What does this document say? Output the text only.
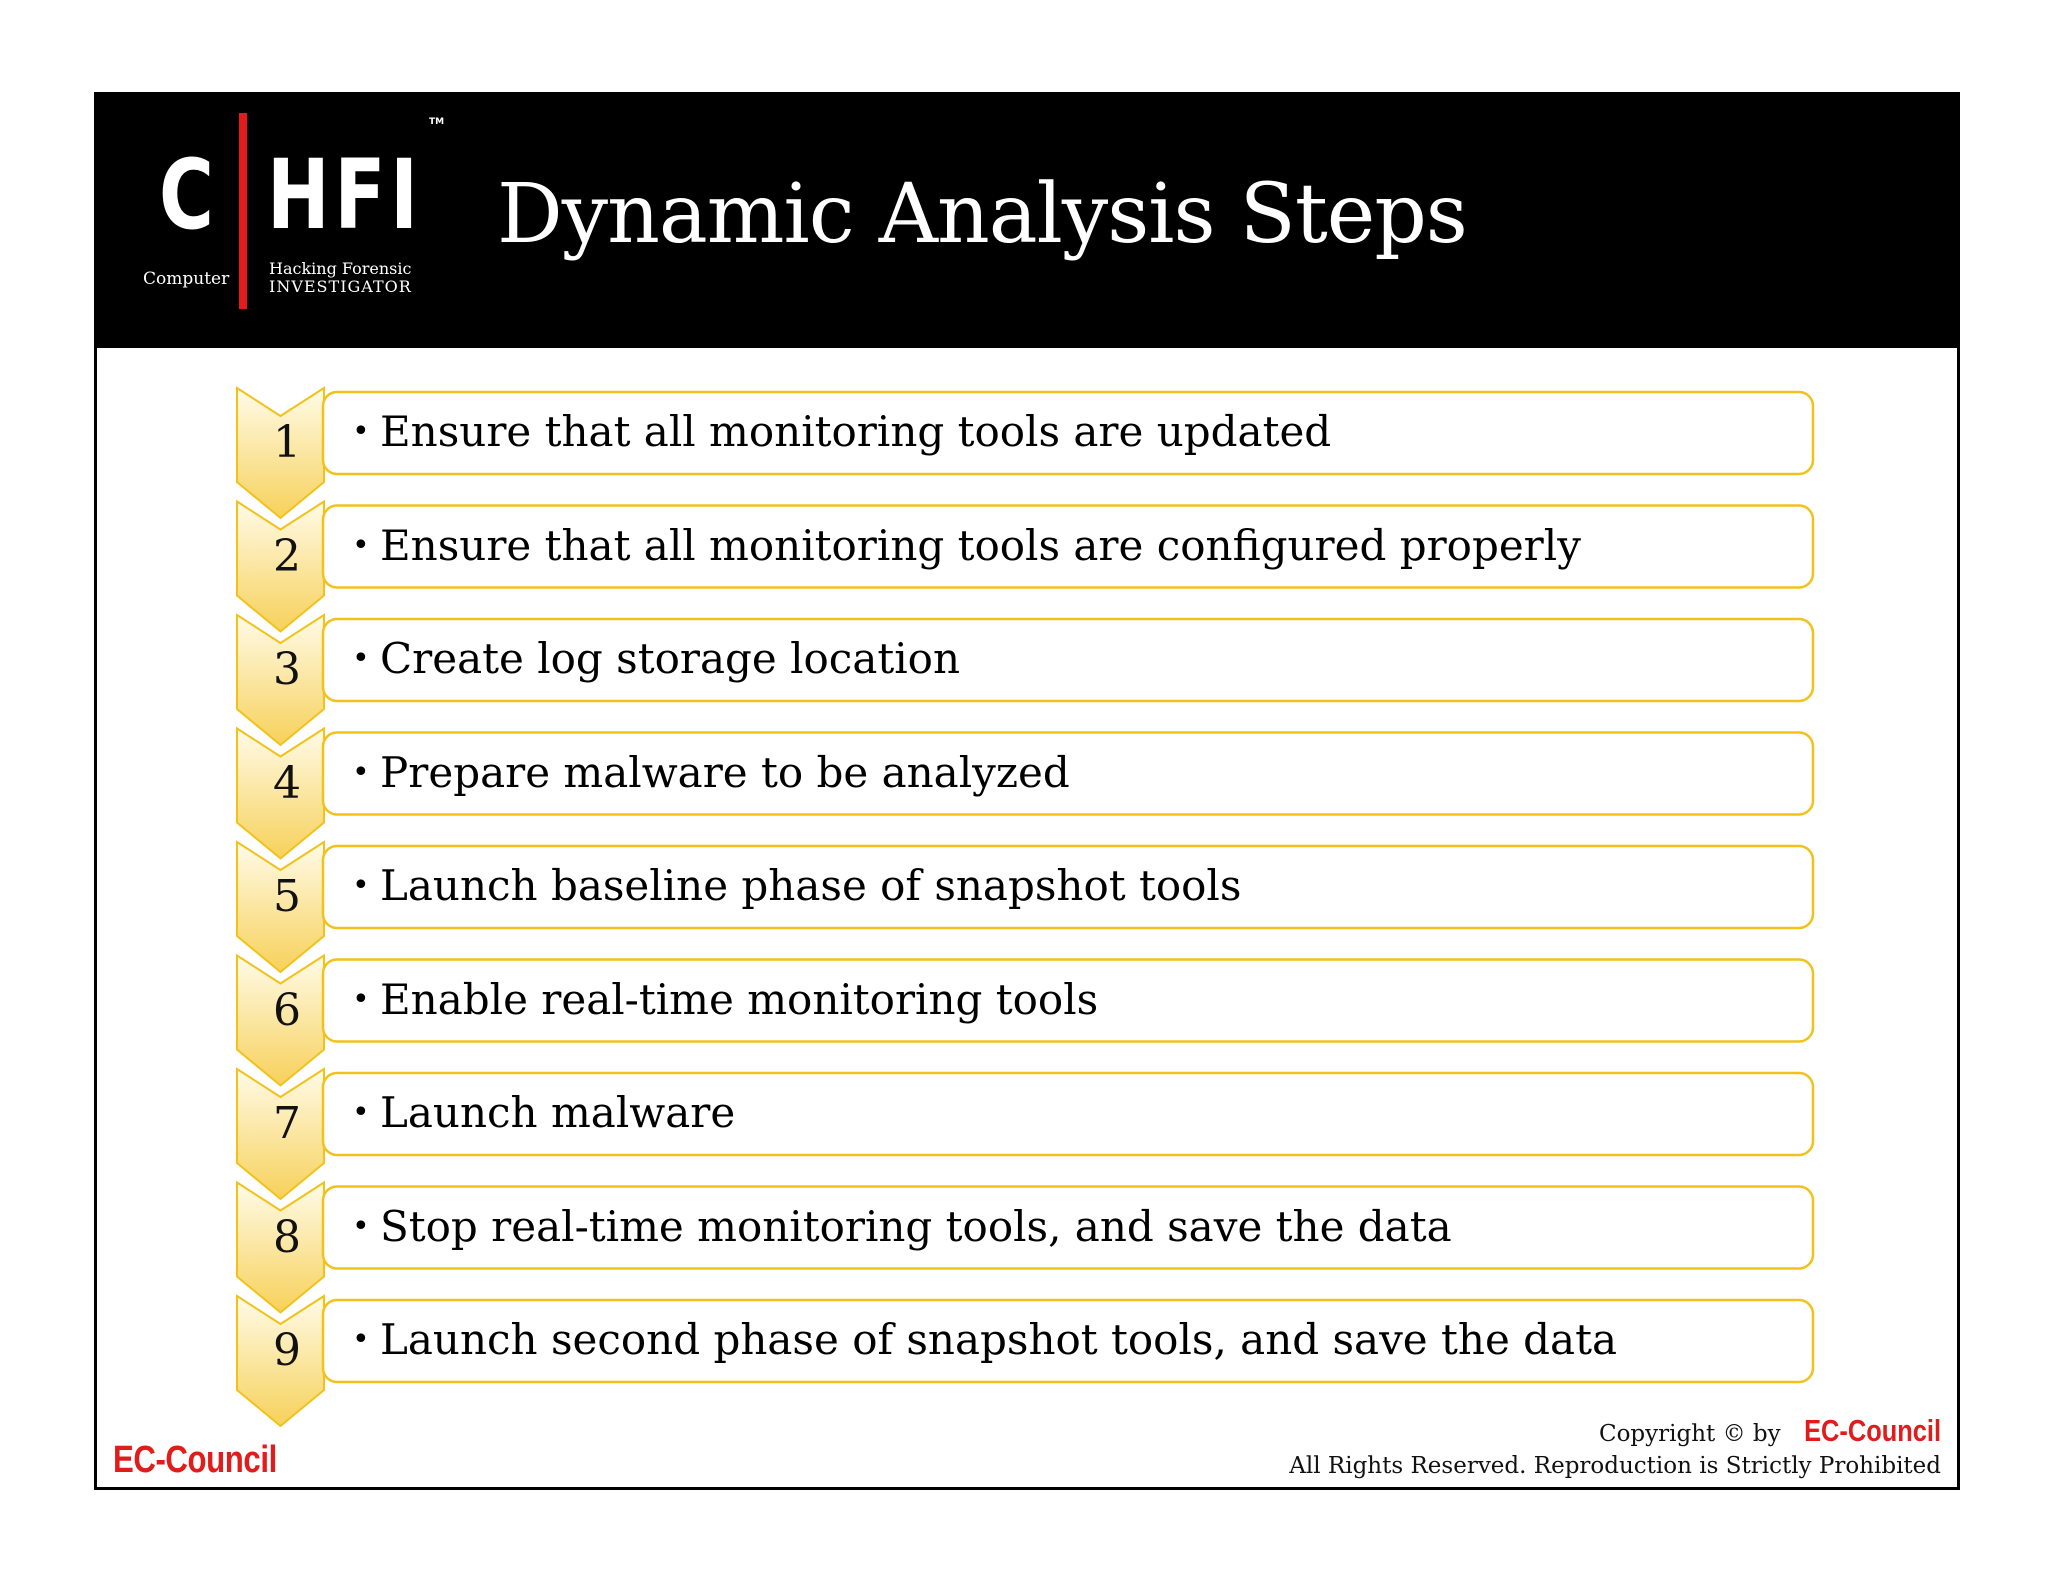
C HFI
TM
Computer
Hacking Forensic
INVESTIGATOR
Dynamic Analysis Steps
• Ensure that all monitoring tools are updated
1
• Ensure that all monitoring tools are configured properly
2
• Create log storage location
3
• Prepare malware to be analyzed
4
• Launch baseline phase of snapshot tools
5
• Enable real-time monitoring tools
6
• Launch malware
7
• Stop real-time monitoring tools, and save the data
8
• Launch second phase of snapshot tools, and save the data
9
EC-Council
Copyright © by EC-Council
All Rights Reserved. Reproduction is Strictly Prohibited
